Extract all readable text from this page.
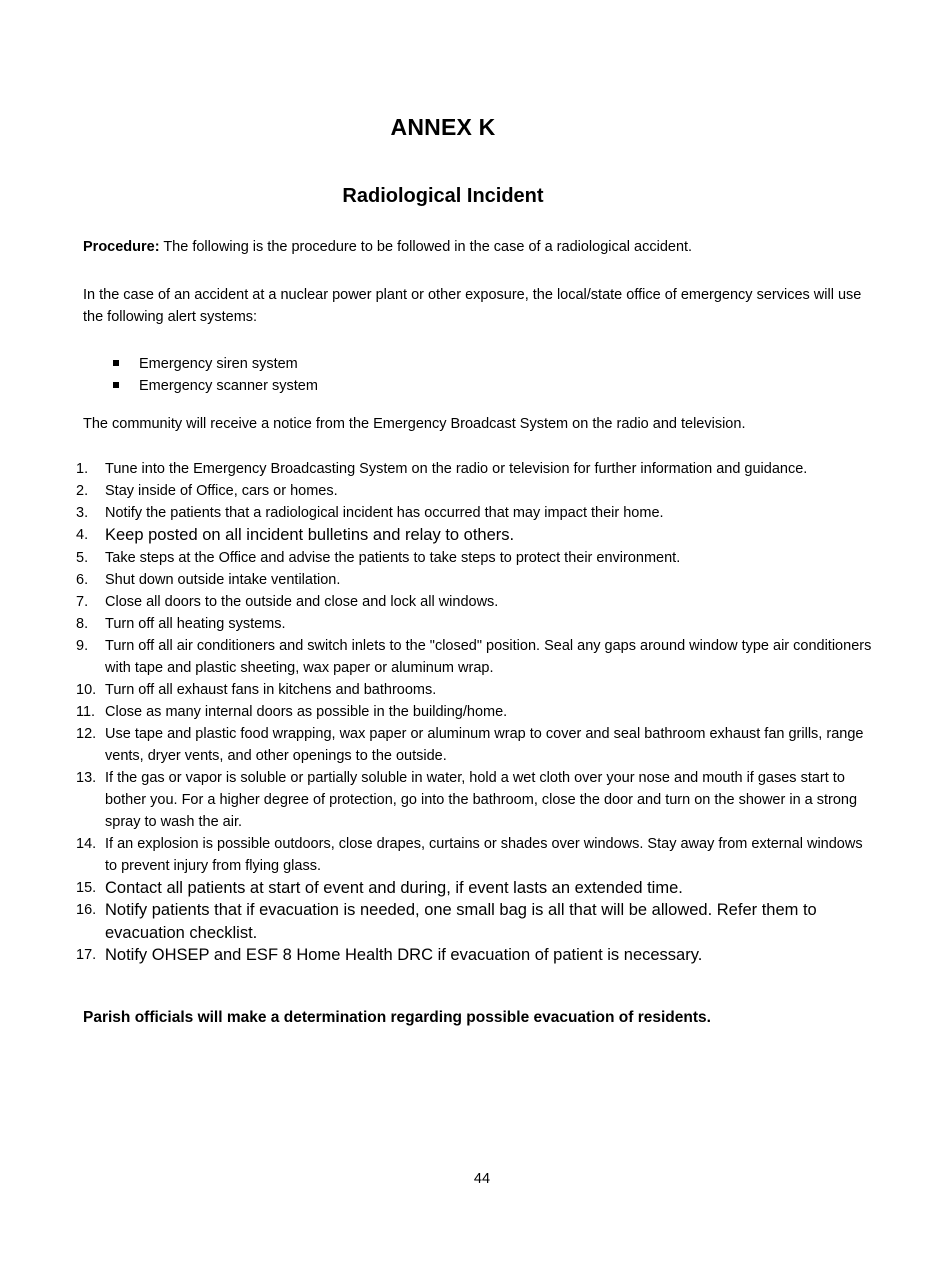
ANNEX K
Radiological Incident
Procedure: The following is the procedure to be followed in the case of a radiological accident.
In the case of an accident at a nuclear power plant or other exposure, the local/state office of emergency services will use the following alert systems:
Emergency siren system
Emergency scanner system
The community will receive a notice from the Emergency Broadcast System on the radio and television.
1.	Tune into the Emergency Broadcasting System on the radio or television for further information and guidance.
2.	Stay inside of Office, cars or homes.
3.	Notify the patients that a radiological incident has occurred that may impact their home.
4.	Keep posted on all incident bulletins and relay to others.
5.	Take steps at the Office and advise the patients to take steps to protect their environment.
6.	Shut down outside intake ventilation.
7.	Close all doors to the outside and close and lock all windows.
8.	Turn off all heating systems.
9.	Turn off all air conditioners and switch inlets to the "closed" position. Seal any gaps around window type air conditioners with tape and plastic sheeting, wax paper or aluminum wrap.
10. Turn off all exhaust fans in kitchens and bathrooms.
11. Close as many internal doors as possible in the building/home.
12. Use tape and plastic food wrapping, wax paper or aluminum wrap to cover and seal bathroom exhaust fan grills, range vents, dryer vents, and other openings to the outside.
13. If the gas or vapor is soluble or partially soluble in water, hold a wet cloth over your nose and mouth if gases start to bother you. For a higher degree of protection, go into the bathroom, close the door and turn on the shower in a strong spray to wash the air.
14. If an explosion is possible outdoors, close drapes, curtains or shades over windows. Stay away from external windows to prevent injury from flying glass.
15. Contact all patients at start of event and during, if event lasts an extended time.
16. Notify patients that if evacuation is needed, one small bag is all that will be allowed. Refer them to evacuation checklist.
17. Notify OHSEP and ESF 8 Home Health DRC if evacuation of patient is necessary.
Parish officials will make a determination regarding possible evacuation of residents.
44
